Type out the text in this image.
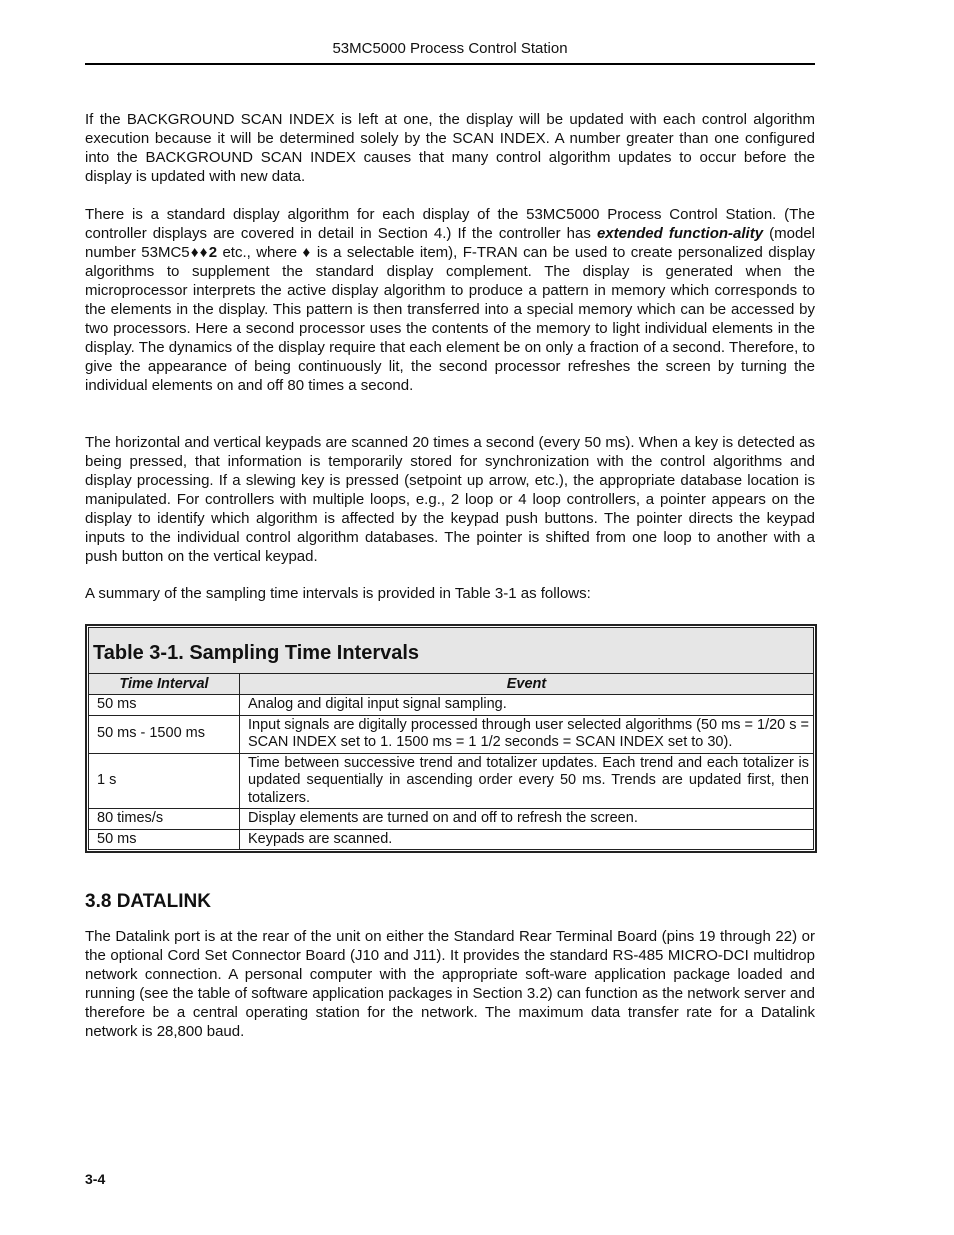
53MC5000 Process Control Station

If the BACKGROUND SCAN INDEX is left at one, the display will be updated with each control algorithm execution because it will be determined solely by the SCAN INDEX. A number greater than one configured into the BACKGROUND SCAN INDEX causes that many control algorithm updates to occur before the display is updated with new data.

There is a standard display algorithm for each display of the 53MC5000 Process Control Station. (The controller displays are covered in detail in Section 4.) If the controller has extended function-ality (model number 53MC5♦♦2 etc., where ♦ is a selectable item), F-TRAN can be used to create personalized display algorithms to supplement the standard display complement. The display is generated when the microprocessor interprets the active display algorithm to produce a pattern in memory which corresponds to the elements in the display. This pattern is then transferred into a special memory which can be accessed by two processors. Here a second processor uses the contents of the memory to light individual elements in the display. The dynamics of the display require that each element be on only a fraction of a second. Therefore, to give the appearance of being continuously lit, the second processor refreshes the screen by turning the individual elements on and off 80 times a second.

The horizontal and vertical keypads are scanned 20 times a second (every 50 ms). When a key is detected as being pressed, that information is temporarily stored for synchronization with the control algorithms and display processing. If a slewing key is pressed (setpoint up arrow, etc.), the appropriate database location is manipulated. For controllers with multiple loops, e.g., 2 loop or 4 loop controllers, a pointer appears on the display to identify which algorithm is affected by the keypad push buttons. The pointer directs the keypad inputs to the individual control algorithm databases. The pointer is shifted from one loop to another with a push button on the vertical keypad.

A summary of the sampling time intervals is provided in Table 3-1 as follows:

Table 3-1. Sampling Time Intervals	
Time Interval	Event
50 ms	Analog and digital input signal sampling.
50 ms - 1500 ms	Input signals are digitally processed through user selected algorithms (50 ms = 1/20 s = SCAN INDEX set to 1. 1500 ms = 1 1/2 seconds = SCAN INDEX set to 30).
1 s	Time between successive trend and totalizer updates. Each trend and each totalizer is updated sequentially in ascending order every 50 ms. Trends are updated first, then totalizers.
80 times/s	Display elements are turned on and off to refresh the screen.
50 ms	Keypads are scanned.
3.8 DATALINK

The Datalink port is at the rear of the unit on either the Standard Rear Terminal Board (pins 19 through 22) or the optional Cord Set Connector Board (J10 and J11). It provides the standard RS-485 MICRO-DCI multidrop network connection. A personal computer with the appropriate soft-ware application package loaded and running (see the table of software application packages in Section 3.2) can function as the network server and therefore be a central operating station for the network. The maximum data transfer rate for a Datalink network is 28,800 baud.

3-4
